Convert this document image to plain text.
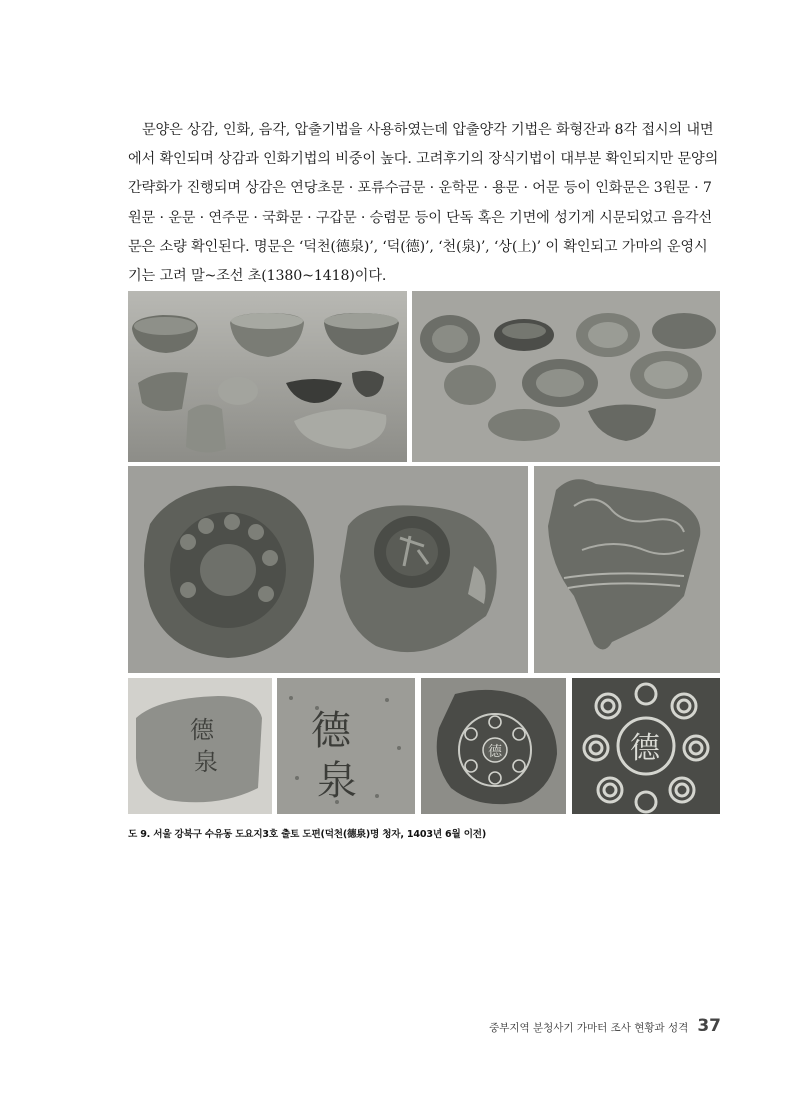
문양은 상감, 인화, 음각, 압출기법을 사용하였는데 압출양각 기법은 화형잔과 8각 접시의 내면
에서 확인되며 상감과 인화기법의 비중이 높다. 고려후기의 장식기법이 대부분 확인되지만 문양의
간략화가 진행되며 상감은 연당초문 · 포류수금문 · 운학문 · 용문 · 어문 등이 인화문은 3원문 · 7
원문 · 운문 · 연주문 · 국화문 · 구갑문 · 승렴문 등이 단독 혹은 기면에 성기게 시문되었고 음각선
문은 소량 확인된다. 명문은 ‘덕천(德泉)’, ‘덕(德)’, ‘천(泉)’, ‘상(上)’ 이 확인되고 가마의 운영시
기는 고려 말~조선 초(1380~1418)이다.
德
泉
德
泉
德	德
도 9. 서울 강북구 수유동 도요지3호 출토 도편(덕천(德泉)명 청자, 1403년 6월 이전)
중부지역 분청사기 가마터 조사 현황과 성격 37
